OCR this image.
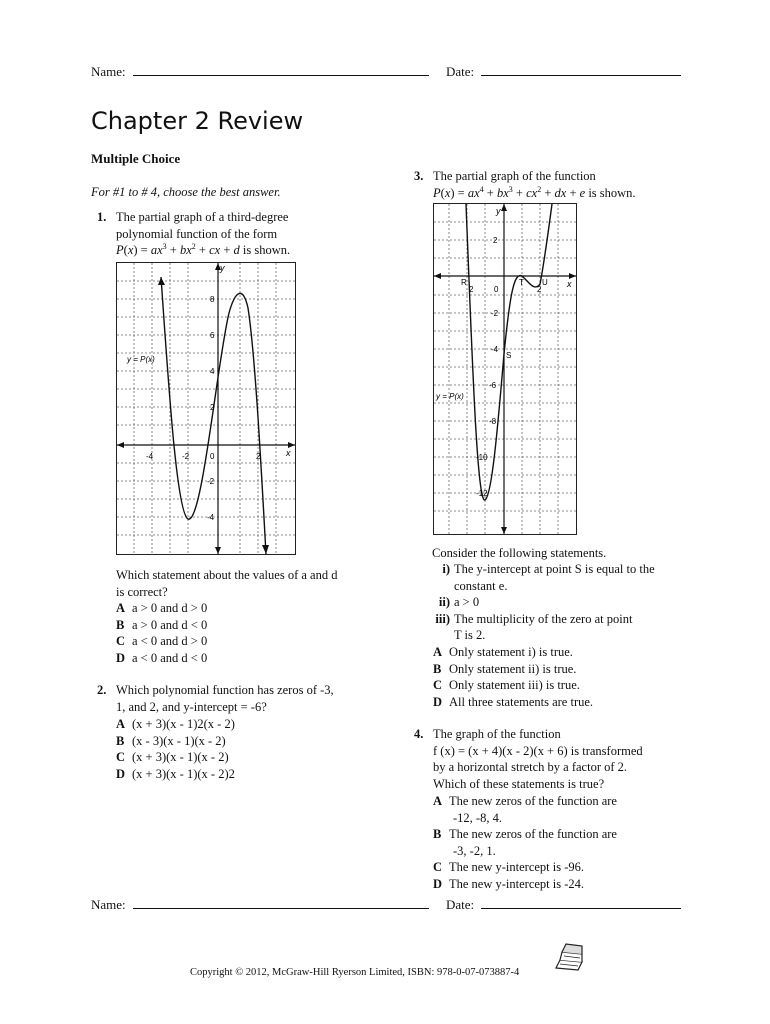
Name:	Date:
Chapter 2 Review
Multiple Choice
For #1 to # 4, choose the best answer.
1. The partial graph of a third-degree
polynomial function of the form
$P(x) = ax^3 + bx^2$ + cx + d is shown.
y
x
y = P(x)
-4	-2	0	2
8
6
4
2
-2
-4
Which statement about the values of a and d
is correct?
A a > 0 and d > 0
B a > 0 and d < 0
C a < 0 and d > 0
D a < 0 and d < 0
2. Which polynomial function has zeros of -3,
1, and 2, and y-intercept = -6?
A (x + 3)(x - 1)2(x - 2)
B (x - 3)(x - 1)(x - 2)
C (x + 3)(x - 1)(x - 2)
D (x + 3)(x - 1)(x - 2)2
3. The partial graph of the function
$P(x) = ax^4 + bx^3 + cx^2$ + dx + e is shown.
y
x
y = P(x)
R	T U
S
2	0	2
2
-2
-4
-6
-8
-10
-12
Consider the following statements.
i) The y-intercept at point S is equal to the
constant e.
ii) a > 0
iii) The multiplicity of the zero at point
T is 2.
A Only statement i) is true.
B Only statement ii) is true.
C Only statement iii) is true.
D All three statements are true.
4. The graph of the function
f (x) = (x + 4)(x - 2)(x + 6) is transformed
by a horizontal stretch by a factor of 2.
Which of these statements is true?
A The new zeros of the function are
-12, -8, 4.
B The new zeros of the function are
-3, -2, 1.
C The new y-intercept is -96.
D The new y-intercept is -24.
Name:	Date:
Copyright © 2012, McGraw-Hill Ryerson Limited, ISBN: 978-0-07-073887-4
